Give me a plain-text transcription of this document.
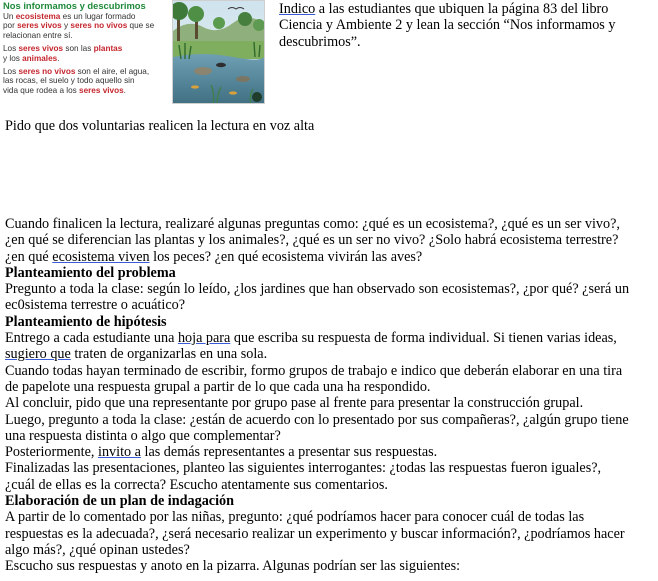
Nos informamos y descubrimos
Un ecosistema es un lugar formado
por seres vivos y seres no vivos que se
relacionan entre sí.
Los seres vivos son las plantas
y los animales.
Los seres no vivos son el aire, el agua,
las rocas, el suelo y todo aquello sin
vida que rodea a los seres vivos.
Indico a las estudiantes que ubiquen la página 83 del libro
Ciencia y Ambiente 2 y lean la sección “Nos informamos y
descubrimos”.
Pido que dos voluntarias realicen la lectura en voz alta
Cuando finalicen la lectura, realizaré algunas preguntas como: ¿qué es un ecosistema?, ¿qué es un ser vivo?,
¿en qué se diferencian las plantas y los animales?, ¿qué es un ser no vivo? ¿Solo habrá ecosistema terrestre?
¿en qué ecosistema viven los peces? ¿en qué ecosistema vivirán las aves?
Planteamiento del problema
Pregunto a toda la clase: según lo leído, ¿los jardines que han observado son ecosistemas?, ¿por qué? ¿será un
ec0sistema terrestre o acuático?
Planteamiento de hipótesis
Entrego a cada estudiante una hoja para que escriba su respuesta de forma individual. Si tienen varias ideas,
sugiero que traten de organizarlas en una sola.
Cuando todas hayan terminado de escribir, formo grupos de trabajo e indico que deberán elaborar en una tira
de papelote una respuesta grupal a partir de lo que cada una ha respondido.
Al concluir, pido que una representante por grupo pase al frente para presentar la construcción grupal.
Luego, pregunto a toda la clase: ¿están de acuerdo con lo presentado por sus compañeras?, ¿algún grupo tiene
una respuesta distinta o algo que complementar?
Posteriormente, invito a las demás representantes a presentar sus respuestas.
Finalizadas las presentaciones, planteo las siguientes interrogantes: ¿todas las respuestas fueron iguales?,
¿cuál de ellas es la correcta? Escucho atentamente sus comentarios.
Elaboración de un plan de indagación
A partir de lo comentado por las niñas, pregunto: ¿qué podríamos hacer para conocer cuál de todas las
respuestas es la adecuada?, ¿será necesario realizar un experimento y buscar información?, ¿podríamos hacer
algo más?, ¿qué opinan ustedes?
Escucho sus respuestas y anoto en la pizarra. Algunas podrían ser las siguientes:
